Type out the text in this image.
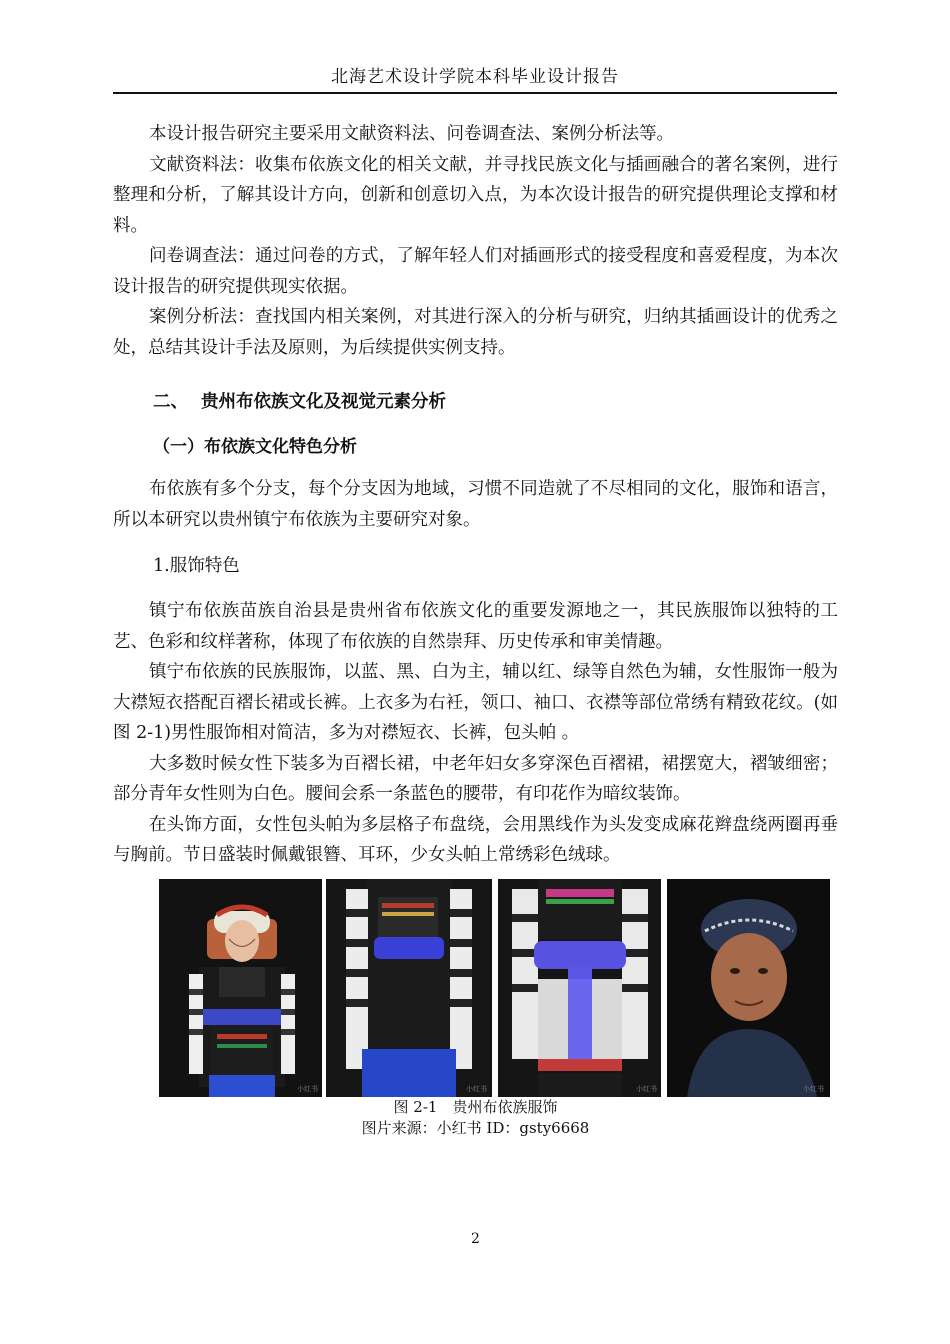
北海艺术设计学院本科毕业设计报告

本设计报告研究主要采用文献资料法、问卷调查法、案例分析法等。

文献资料法：收集布依族文化的相关文献，并寻找民族文化与插画融合的著名案例，进行整理和分析，了解其设计方向，创新和创意切入点，为本次设计报告的研究提供理论支撑和材料。

问卷调查法：通过问卷的方式，了解年轻人们对插画形式的接受程度和喜爱程度，为本次设计报告的研究提供现实依据。

案例分析法：查找国内相关案例，对其进行深入的分析与研究，归纳其插画设计的优秀之处，总结其设计手法及原则，为后续提供实例支持。

二、 贵州布依族文化及视觉元素分析
（一）布依族文化特色分析

布依族有多个分支，每个分支因为地域，习惯不同造就了不尽相同的文化，服饰和语言，所以本研究以贵州镇宁布依族为主要研究对象。

1.服饰特色

镇宁布依族苗族自治县是贵州省布依族文化的重要发源地之一，其民族服饰以独特的工艺、色彩和纹样著称，体现了布依族的自然崇拜、历史传承和审美情趣。

镇宁布依族的民族服饰，以蓝、黑、白为主，辅以红、绿等自然色为辅，女性服饰一般为大襟短衣搭配百褶长裙或长裤。上衣多为右衽，领口、袖口、衣襟等部位常绣有精致花纹。(如图 2-1)男性服饰相对简洁，多为对襟短衣、长裤，包头帕 。

大多数时候女性下装多为百褶长裙，中老年妇女多穿深色百褶裙，裙摆宽大，褶皱细密；部分青年女性则为白色。腰间会系一条蓝色的腰带，有印花作为暗纹装饰。

在头饰方面，女性包头帕为多层格子布盘绕，会用黑线作为头发变成麻花辫盘绕两圈再垂与胸前。节日盛装时佩戴银簪、耳环，少女头帕上常绣彩色绒球。

小红书	小红书	小红书	小红书
图 2-1　贵州布依族服饰
图片来源：小红书 ID：gsty6668
2
